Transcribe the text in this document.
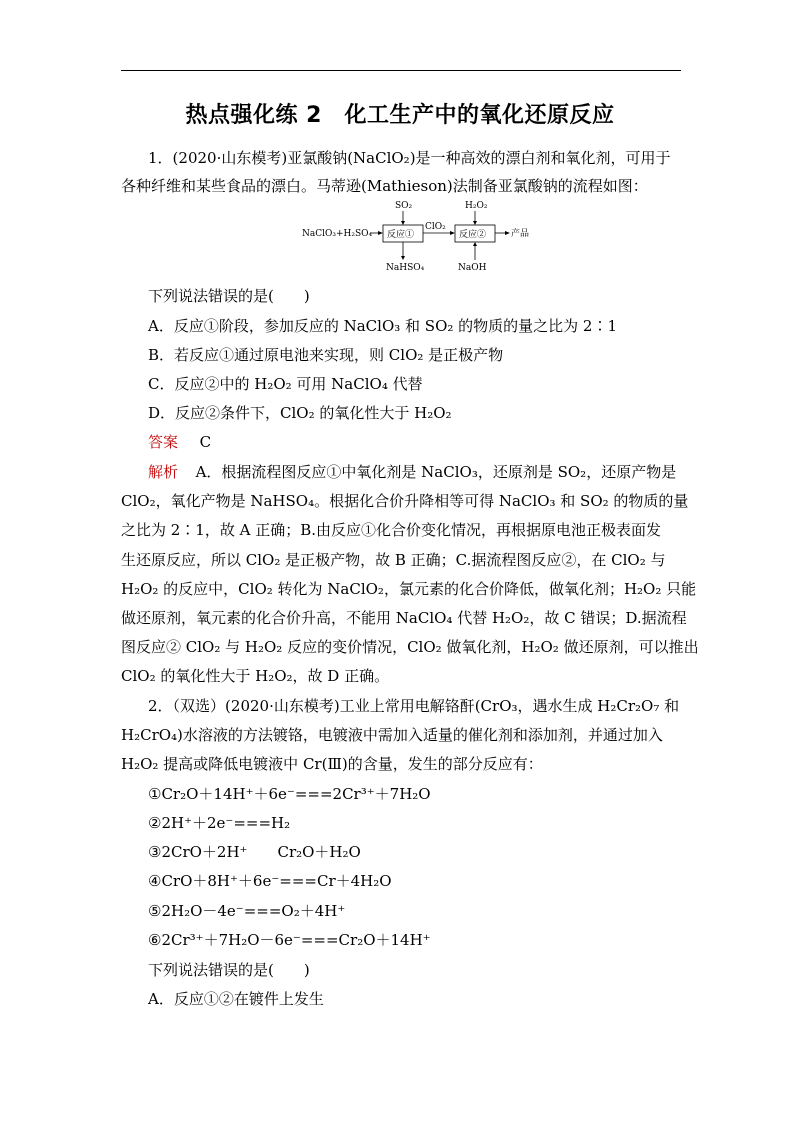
热点强化练 2　化工生产中的氧化还原反应
1．(2020·山东模考)亚氯酸钠(NaClO₂)是一种高效的漂白剂和氧化剂，可用于
各种纤维和某些食品的漂白。马蒂逊(Mathieson)法制备亚氯酸钠的流程如图：
NaClO₃+H₂SO₄ 反应①
SO₂
NaHSO₄
ClO₂
反应②
H₂O₂
NaOH
产品
下列说法错误的是(　　)
A．反应①阶段，参加反应的 NaClO₃ 和 SO₂ 的物质的量之比为 2∶1
B．若反应①通过原电池来实现，则 ClO₂ 是正极产物
C．反应②中的 H₂O₂ 可用 NaClO₄ 代替
D．反应②条件下，ClO₂ 的氧化性大于 H₂O₂
答案 C
解析 A．根据流程图反应①中氧化剂是 NaClO₃，还原剂是 SO₂，还原产物是
ClO₂，氧化产物是 NaHSO₄。根据化合价升降相等可得 NaClO₃ 和 SO₂ 的物质的量
之比为 2∶1，故 A 正确；B.由反应①化合价变化情况，再根据原电池正极表面发
生还原反应，所以 ClO₂ 是正极产物，故 B 正确；C.据流程图反应②，在 ClO₂ 与
H₂O₂ 的反应中，ClO₂ 转化为 NaClO₂，氯元素的化合价降低，做氧化剂；H₂O₂ 只能
做还原剂，氧元素的化合价升高，不能用 NaClO₄ 代替 H₂O₂，故 C 错误；D.据流程
图反应② ClO₂ 与 H₂O₂ 反应的变价情况，ClO₂ 做氧化剂，H₂O₂ 做还原剂，可以推出
ClO₂ 的氧化性大于 H₂O₂，故 D 正确。
2．（双选）(2020·山东模考)工业上常用电解铬酐(CrO₃，遇水生成 H₂Cr₂O₇ 和
H₂CrO₄)水溶液的方法镀铬，电镀液中需加入适量的催化剂和添加剂，并通过加入
H₂O₂ 提高或降低电镀液中 Cr(Ⅲ)的含量，发生的部分反应有：
①Cr₂O＋14H⁺＋6e⁻===2Cr³⁺＋7H₂O
②2H⁺＋2e⁻===H₂
③2CrO＋2H⁺　　Cr₂O＋H₂O
④CrO＋8H⁺＋6e⁻===Cr＋4H₂O
⑤2H₂O－4e⁻===O₂＋4H⁺
⑥2Cr³⁺＋7H₂O－6e⁻===Cr₂O＋14H⁺
下列说法错误的是(　　)
A．反应①②在镀件上发生
